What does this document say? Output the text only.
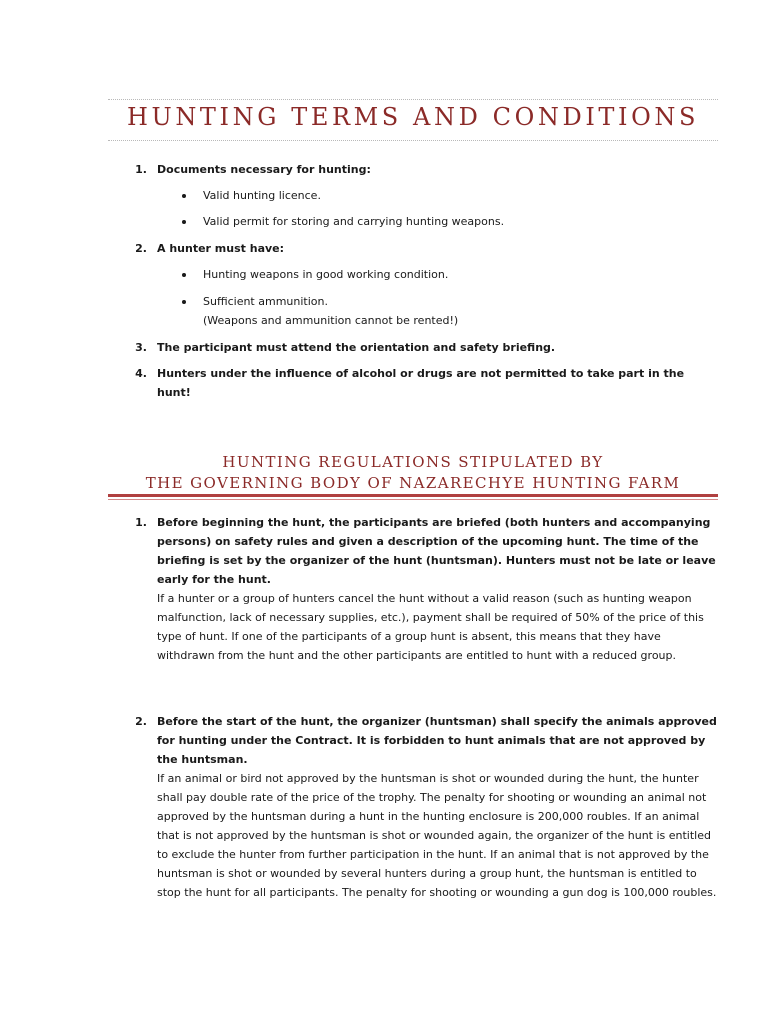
HUNTING TERMS AND CONDITIONS
1. Documents necessary for hunting:
Valid hunting licence.
Valid permit for storing and carrying hunting weapons.
2. A hunter must have:
Hunting weapons in good working condition.
Sufficient ammunition.
(Weapons and ammunition cannot be rented!)
3. The participant must attend the orientation and safety briefing.
4. Hunters under the influence of alcohol or drugs are not permitted to take part in the hunt!
HUNTING REGULATIONS STIPULATED BY
THE GOVERNING BODY OF NAZARECHYE HUNTING FARM
1. Before beginning the hunt, the participants are briefed (both hunters and accompanying persons) on safety rules and given a description of the upcoming hunt. The time of the briefing is set by the organizer of the hunt (huntsman). Hunters must not be late or leave early for the hunt.
If a hunter or a group of hunters cancel the hunt without a valid reason (such as hunting weapon malfunction, lack of necessary supplies, etc.), payment shall be required of 50% of the price of this type of hunt. If one of the participants of a group hunt is absent, this means that they have withdrawn from the hunt and the other participants are entitled to hunt with a reduced group.
2. Before the start of the hunt, the organizer (huntsman) shall specify the animals approved for hunting under the Contract. It is forbidden to hunt animals that are not approved by the huntsman.
If an animal or bird not approved by the huntsman is shot or wounded during the hunt, the hunter shall pay double rate of the price of the trophy. The penalty for shooting or wounding an animal not approved by the huntsman during a hunt in the hunting enclosure is 200,000 roubles. If an animal that is not approved by the huntsman is shot or wounded again, the organizer of the hunt is entitled to exclude the hunter from further participation in the hunt. If an animal that is not approved by the huntsman is shot or wounded by several hunters during a group hunt, the huntsman is entitled to stop the hunt for all participants. The penalty for shooting or wounding a gun dog is 100,000 roubles.
